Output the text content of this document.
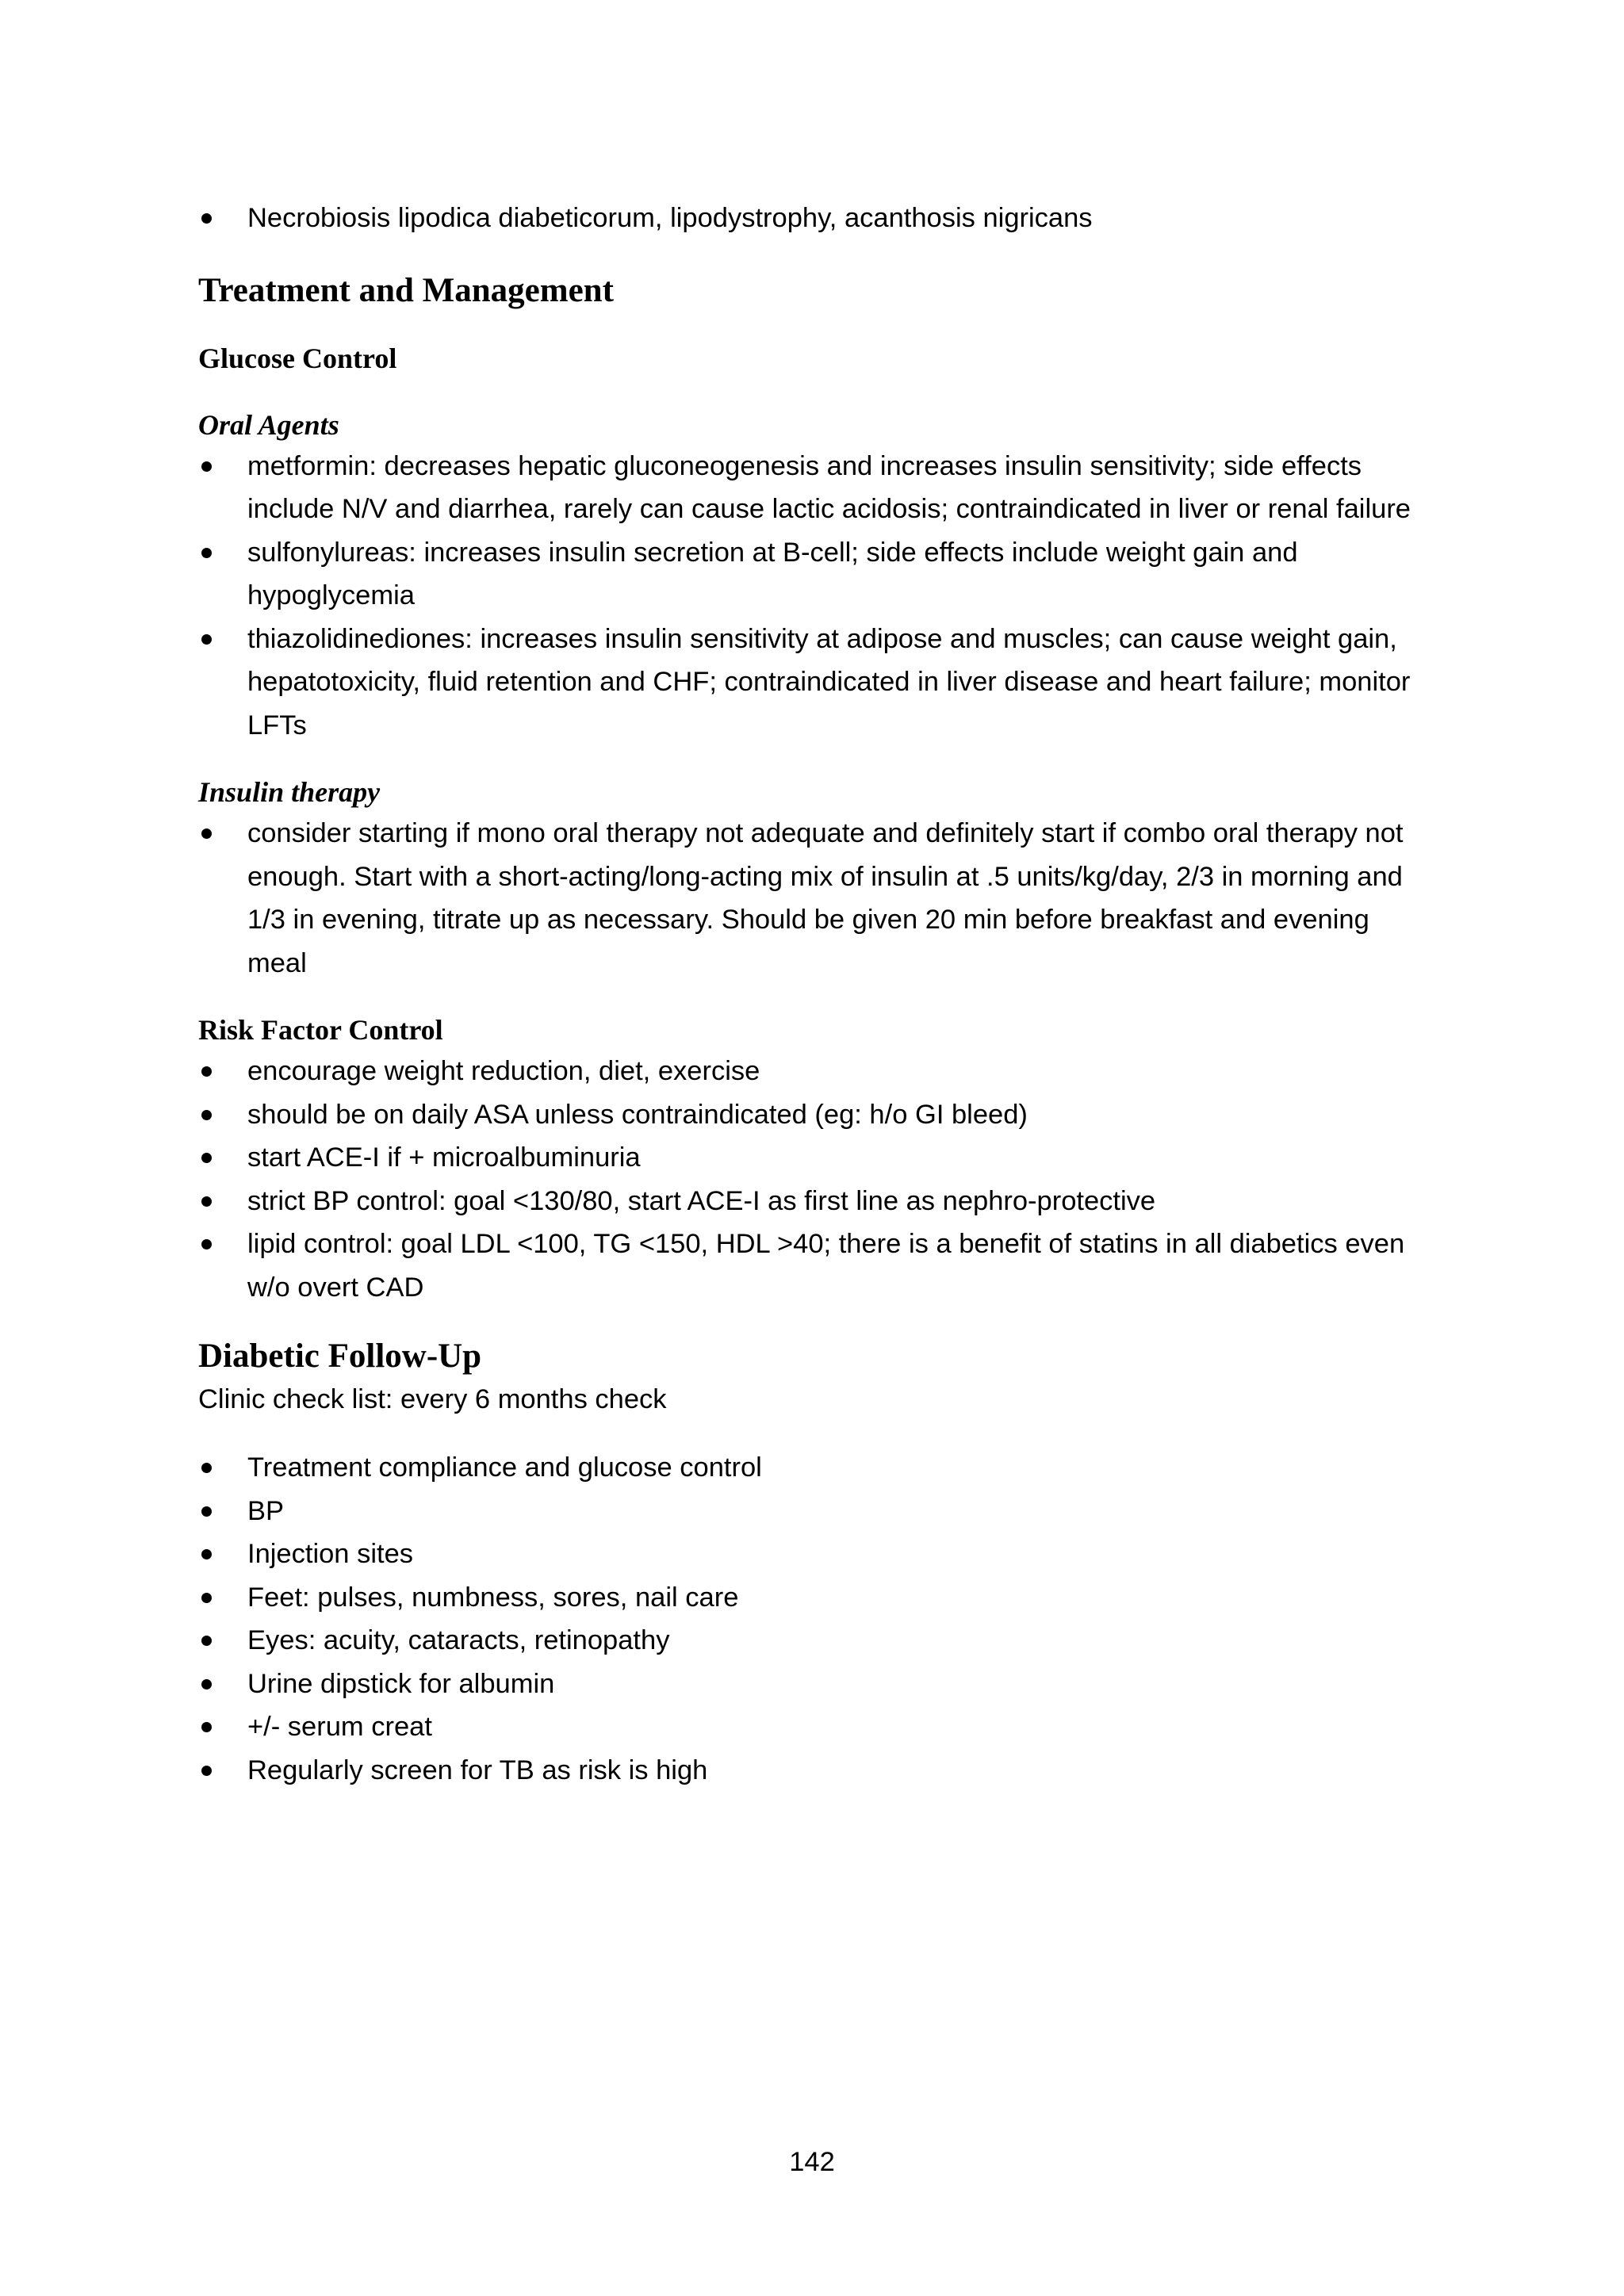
Necrobiosis lipodica diabeticorum, lipodystrophy, acanthosis nigricans
Treatment and Management
Glucose Control
Oral Agents
metformin: decreases hepatic gluconeogenesis and increases insulin sensitivity; side effects include N/V and diarrhea, rarely can cause lactic acidosis; contraindicated in liver or renal failure
sulfonylureas: increases insulin secretion at B-cell; side effects include weight gain and hypoglycemia
thiazolidinediones: increases insulin sensitivity at adipose and muscles; can cause weight gain, hepatotoxicity, fluid retention and CHF; contraindicated in liver disease and heart failure; monitor LFTs
Insulin therapy
consider starting if mono oral therapy not adequate and definitely start if combo oral therapy not enough. Start with a short-acting/long-acting mix of insulin at .5 units/kg/day, 2/3 in morning and 1/3 in evening, titrate up as necessary. Should be given 20 min before breakfast and evening meal
Risk Factor Control
encourage weight reduction, diet, exercise
should be on daily ASA unless contraindicated (eg: h/o GI bleed)
start ACE-I if + microalbuminuria
strict BP control: goal <130/80, start ACE-I as first line as nephro-protective
lipid control: goal LDL <100, TG <150, HDL >40; there is a benefit of statins in all diabetics even w/o overt CAD
Diabetic Follow-Up

Clinic check list: every 6 months check

Treatment compliance and glucose control
BP
Injection sites
Feet: pulses, numbness, sores, nail care
Eyes: acuity, cataracts, retinopathy
Urine dipstick for albumin
+/- serum creat
Regularly screen for TB as risk is high
142
